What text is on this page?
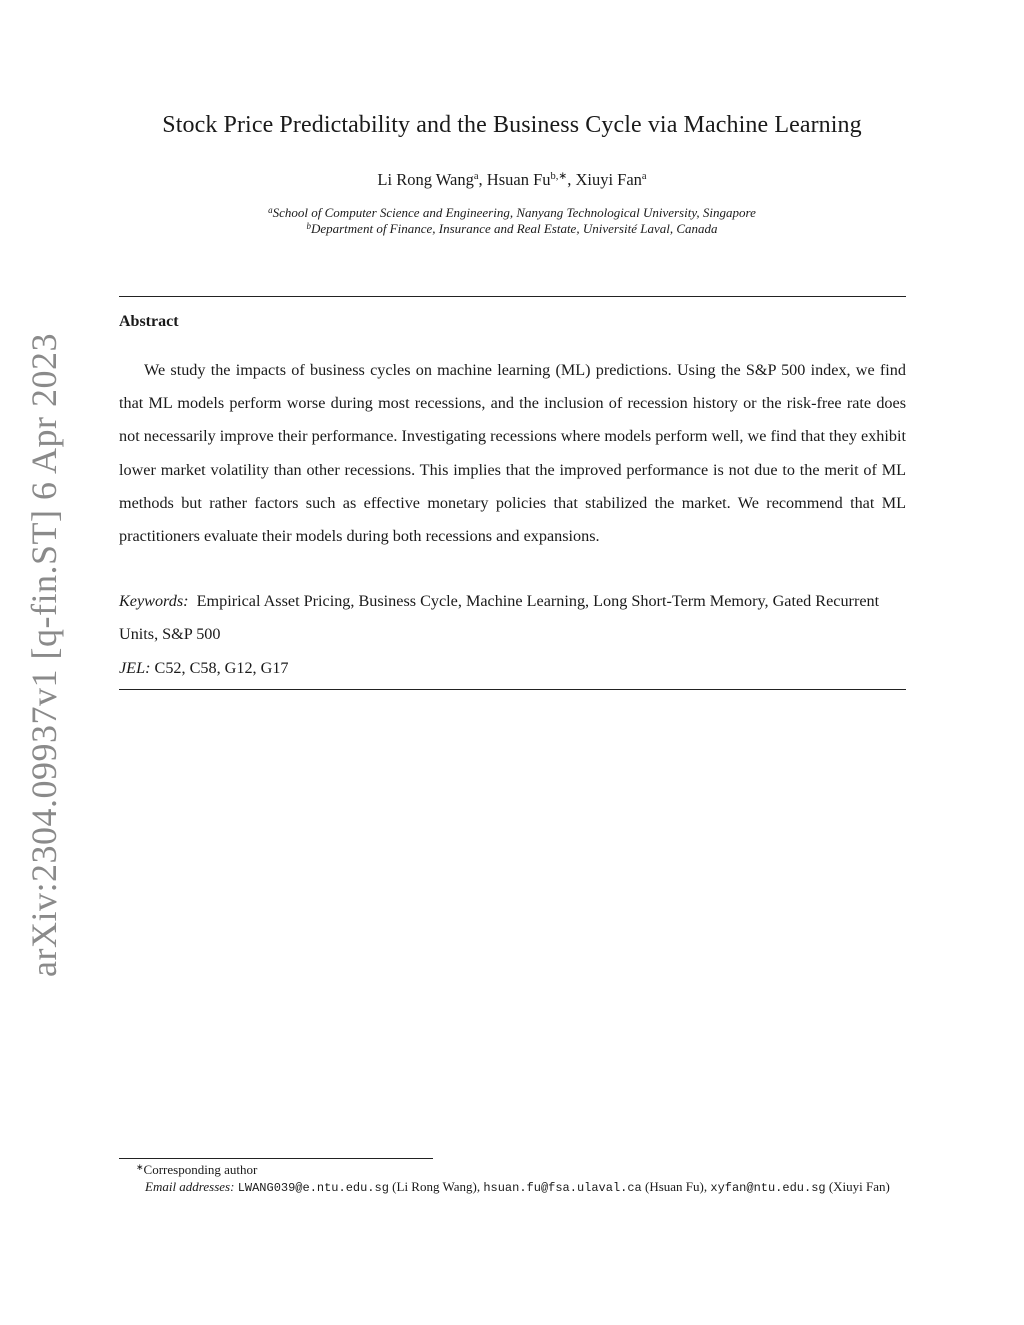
arXiv:2304.09937v1 [q-fin.ST] 6 Apr 2023
Stock Price Predictability and the Business Cycle via Machine Learning
Li Rong Wang$^a$, Hsuan $Fu^{b,∗}$, Xiuyi Fan$^a$
$^a$School of Computer Science and Engineering, Nanyang Technological University, Singapore
$^b$Department of Finance, Insurance and Real Estate, Université Laval, Canada
Abstract

We study the impacts of business cycles on machine learning (ML) predictions. Using the S&P 500 index, we find that ML models perform worse during most recessions, and the inclusion of recession history or the risk-free rate does not necessarily improve their performance. Investigating recessions where models perform well, we find that they exhibit lower market volatility than other recessions. This implies that the improved performance is not due to the merit of ML methods but rather factors such as effective monetary policies that stabilized the market. We recommend that ML practitioners evaluate their models during both recessions and expansions.

Keywords: Empirical Asset Pricing, Business Cycle, Machine Learning, Long Short-Term Memory, Gated Recurrent Units, S&P 500

JEL: C52, C58, G12, G17

∗Corresponding author
Email addresses: LWANG039@e.ntu.edu.sg (Li Rong Wang), hsuan.fu@fsa.ulaval.ca (Hsuan Fu), xyfan@ntu.edu.sg (Xiuyi Fan)
